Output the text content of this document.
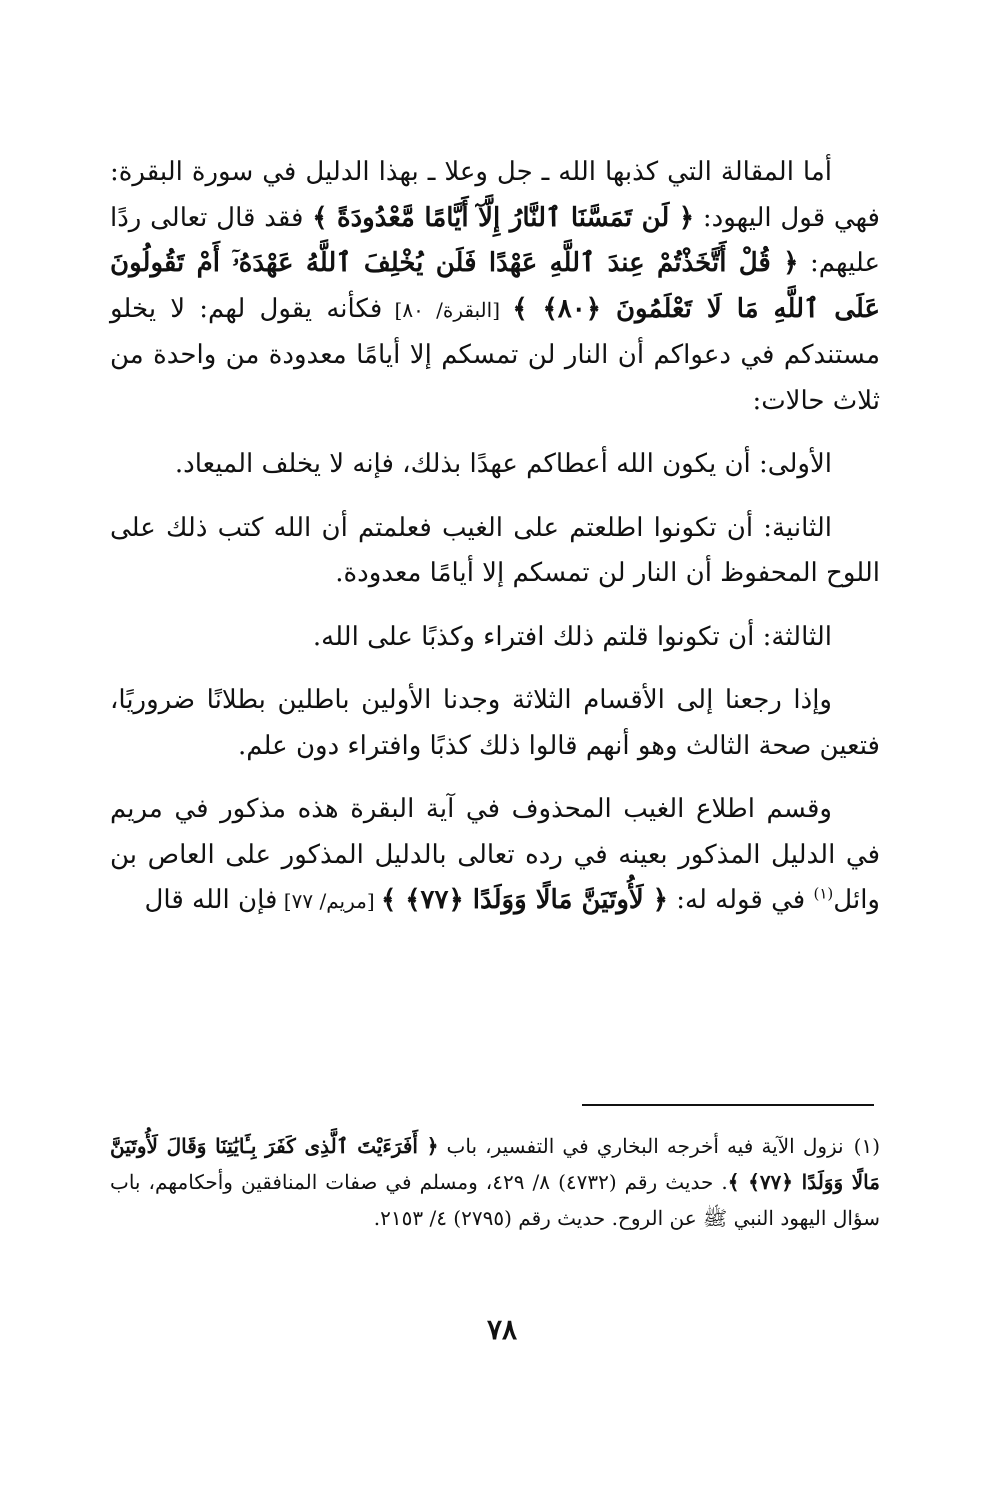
أما المقالة التي كذبها الله ـ جل وعلا ـ بهذا الدليل في سورة البقرة: فهي قول اليهود: ﴿ لَن تَمَسَّنَا ٱلنَّارُ إِلَّآ أَيَّامًا مَّعْدُودَةً ﴾ فقد قال تعالى ردًا عليهم: ﴿ قُلْ أَتَّخَذْتُمْ عِندَ ٱللَّهِ عَهْدًا فَلَن يُخْلِفَ ٱللَّهُ عَهْدَهُۥٓ أَمْ تَقُولُونَ عَلَى ٱللَّهِ مَا لَا تَعْلَمُونَ ﴿٨٠﴾ ﴾ [البقرة/ ٨٠] فكأنه يقول لهم: لا يخلو مستندكم في دعواكم أن النار لن تمسكم إلا أيامًا معدودة من واحدة من ثلاث حالات:

الأولى: أن يكون الله أعطاكم عهدًا بذلك، فإنه لا يخلف الميعاد.

الثانية: أن تكونوا اطلعتم على الغيب فعلمتم أن الله كتب ذلك على اللوح المحفوظ أن النار لن تمسكم إلا أيامًا معدودة.

الثالثة: أن تكونوا قلتم ذلك افتراء وكذبًا على الله.

وإذا رجعنا إلى الأقسام الثلاثة وجدنا الأولين باطلين بطلانًا ضروريًا، فتعين صحة الثالث وهو أنهم قالوا ذلك كذبًا وافتراء دون علم.

وقسم اطلاع الغيب المحذوف في آية البقرة هذه مذكور في مريم في الدليل المذكور بعينه في رده تعالى بالدليل المذكور على العاص بن وائل$^{(١)}$ في قوله له: ﴿ لَأُوتَيَنَّ مَالًا وَوَلَدًا ﴿٧٧﴾ ﴾ [مريم/ ٧٧] فإن الله قال

(١)نزول الآية فيه أخرجه البخاري في التفسير، باب ﴿ أَفَرَءَيْتَ ٱلَّذِى كَفَرَ بِـَٔايَٰتِنَا وَقَالَ لَأُوتَيَنَّ مَالًا وَوَلَدًا ﴿٧٧﴾ ﴾. حديث رقم (٤٧٣٢) ٨/ ٤٢٩، ومسلم في صفات المنافقين وأحكامهم، باب سؤال اليهود النبي ﷺ عن الروح. حديث رقم (٢٧٩٥) ٤/ ٢١٥٣.
٧٨
